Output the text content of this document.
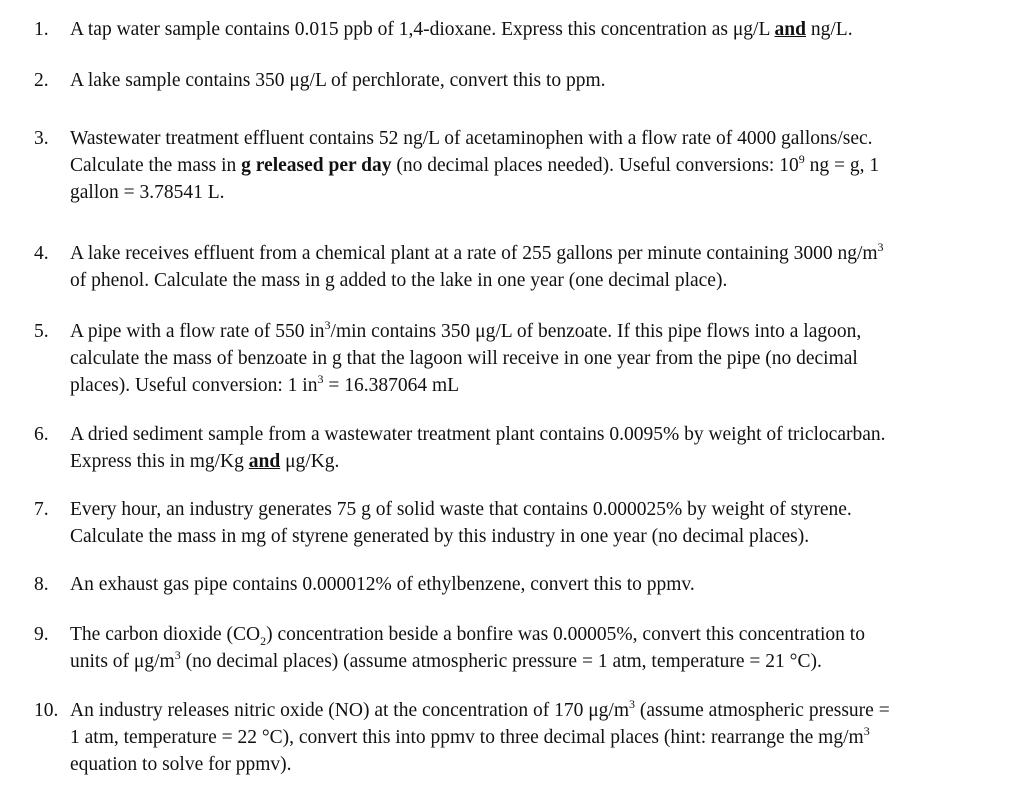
1. A tap water sample contains 0.015 ppb of 1,4-dioxane. Express this concentration as μg/L and ng/L.
2. A lake sample contains 350 μg/L of perchlorate, convert this to ppm.
3. Wastewater treatment effluent contains 52 ng/L of acetaminophen with a flow rate of 4000 gallons/sec.
Calculate the mass in g released per day (no decimal places needed). Useful conversions: $10^9$ ng = g, 1
gallon = 3.78541 L.
4. A lake receives effluent from a chemical plant at a rate of 255 gallons per minute containing 3000 $ng/m^3$
of phenol. Calculate the mass in g added to the lake in one year (one decimal place).
5. A pipe with a flow rate of 550 $in^3/\min$ contains 350 μg/L of benzoate. If this pipe flows into a lagoon,
calculate the mass of benzoate in g that the lagoon will receive in one year from the pipe (no decimal
places). Useful conversion: 1 $in^3 = 16.387064$ mL
6. A dried sediment sample from a wastewater treatment plant contains 0.0095% by weight of triclocarban.
Express this in mg/Kg and μg/Kg.
7. Every hour, an industry generates 75 g of solid waste that contains 0.000025% by weight of styrene.
Calculate the mass in mg of styrene generated by this industry in one year (no decimal places).
8. An exhaust gas pipe contains 0.000012% of ethylbenzene, convert this to ppmv.
9. The carbon dioxide $(CO_2)$ concentration beside a bonfire was 0.00005%, convert this concentration to
units of $\mu g/m^3$ (no decimal places) (assume atmospheric pressure = 1 atm, temperature = 21 °C).
10. An industry releases nitric oxide (NO) at the concentration of 170 $\mu g/m^3$ (assume atmospheric pressure =
1 atm, temperature = 22 °C), convert this into ppmv to three decimal places (hint: rearrange the $mg/m^3$
equation to solve for ppmv).
